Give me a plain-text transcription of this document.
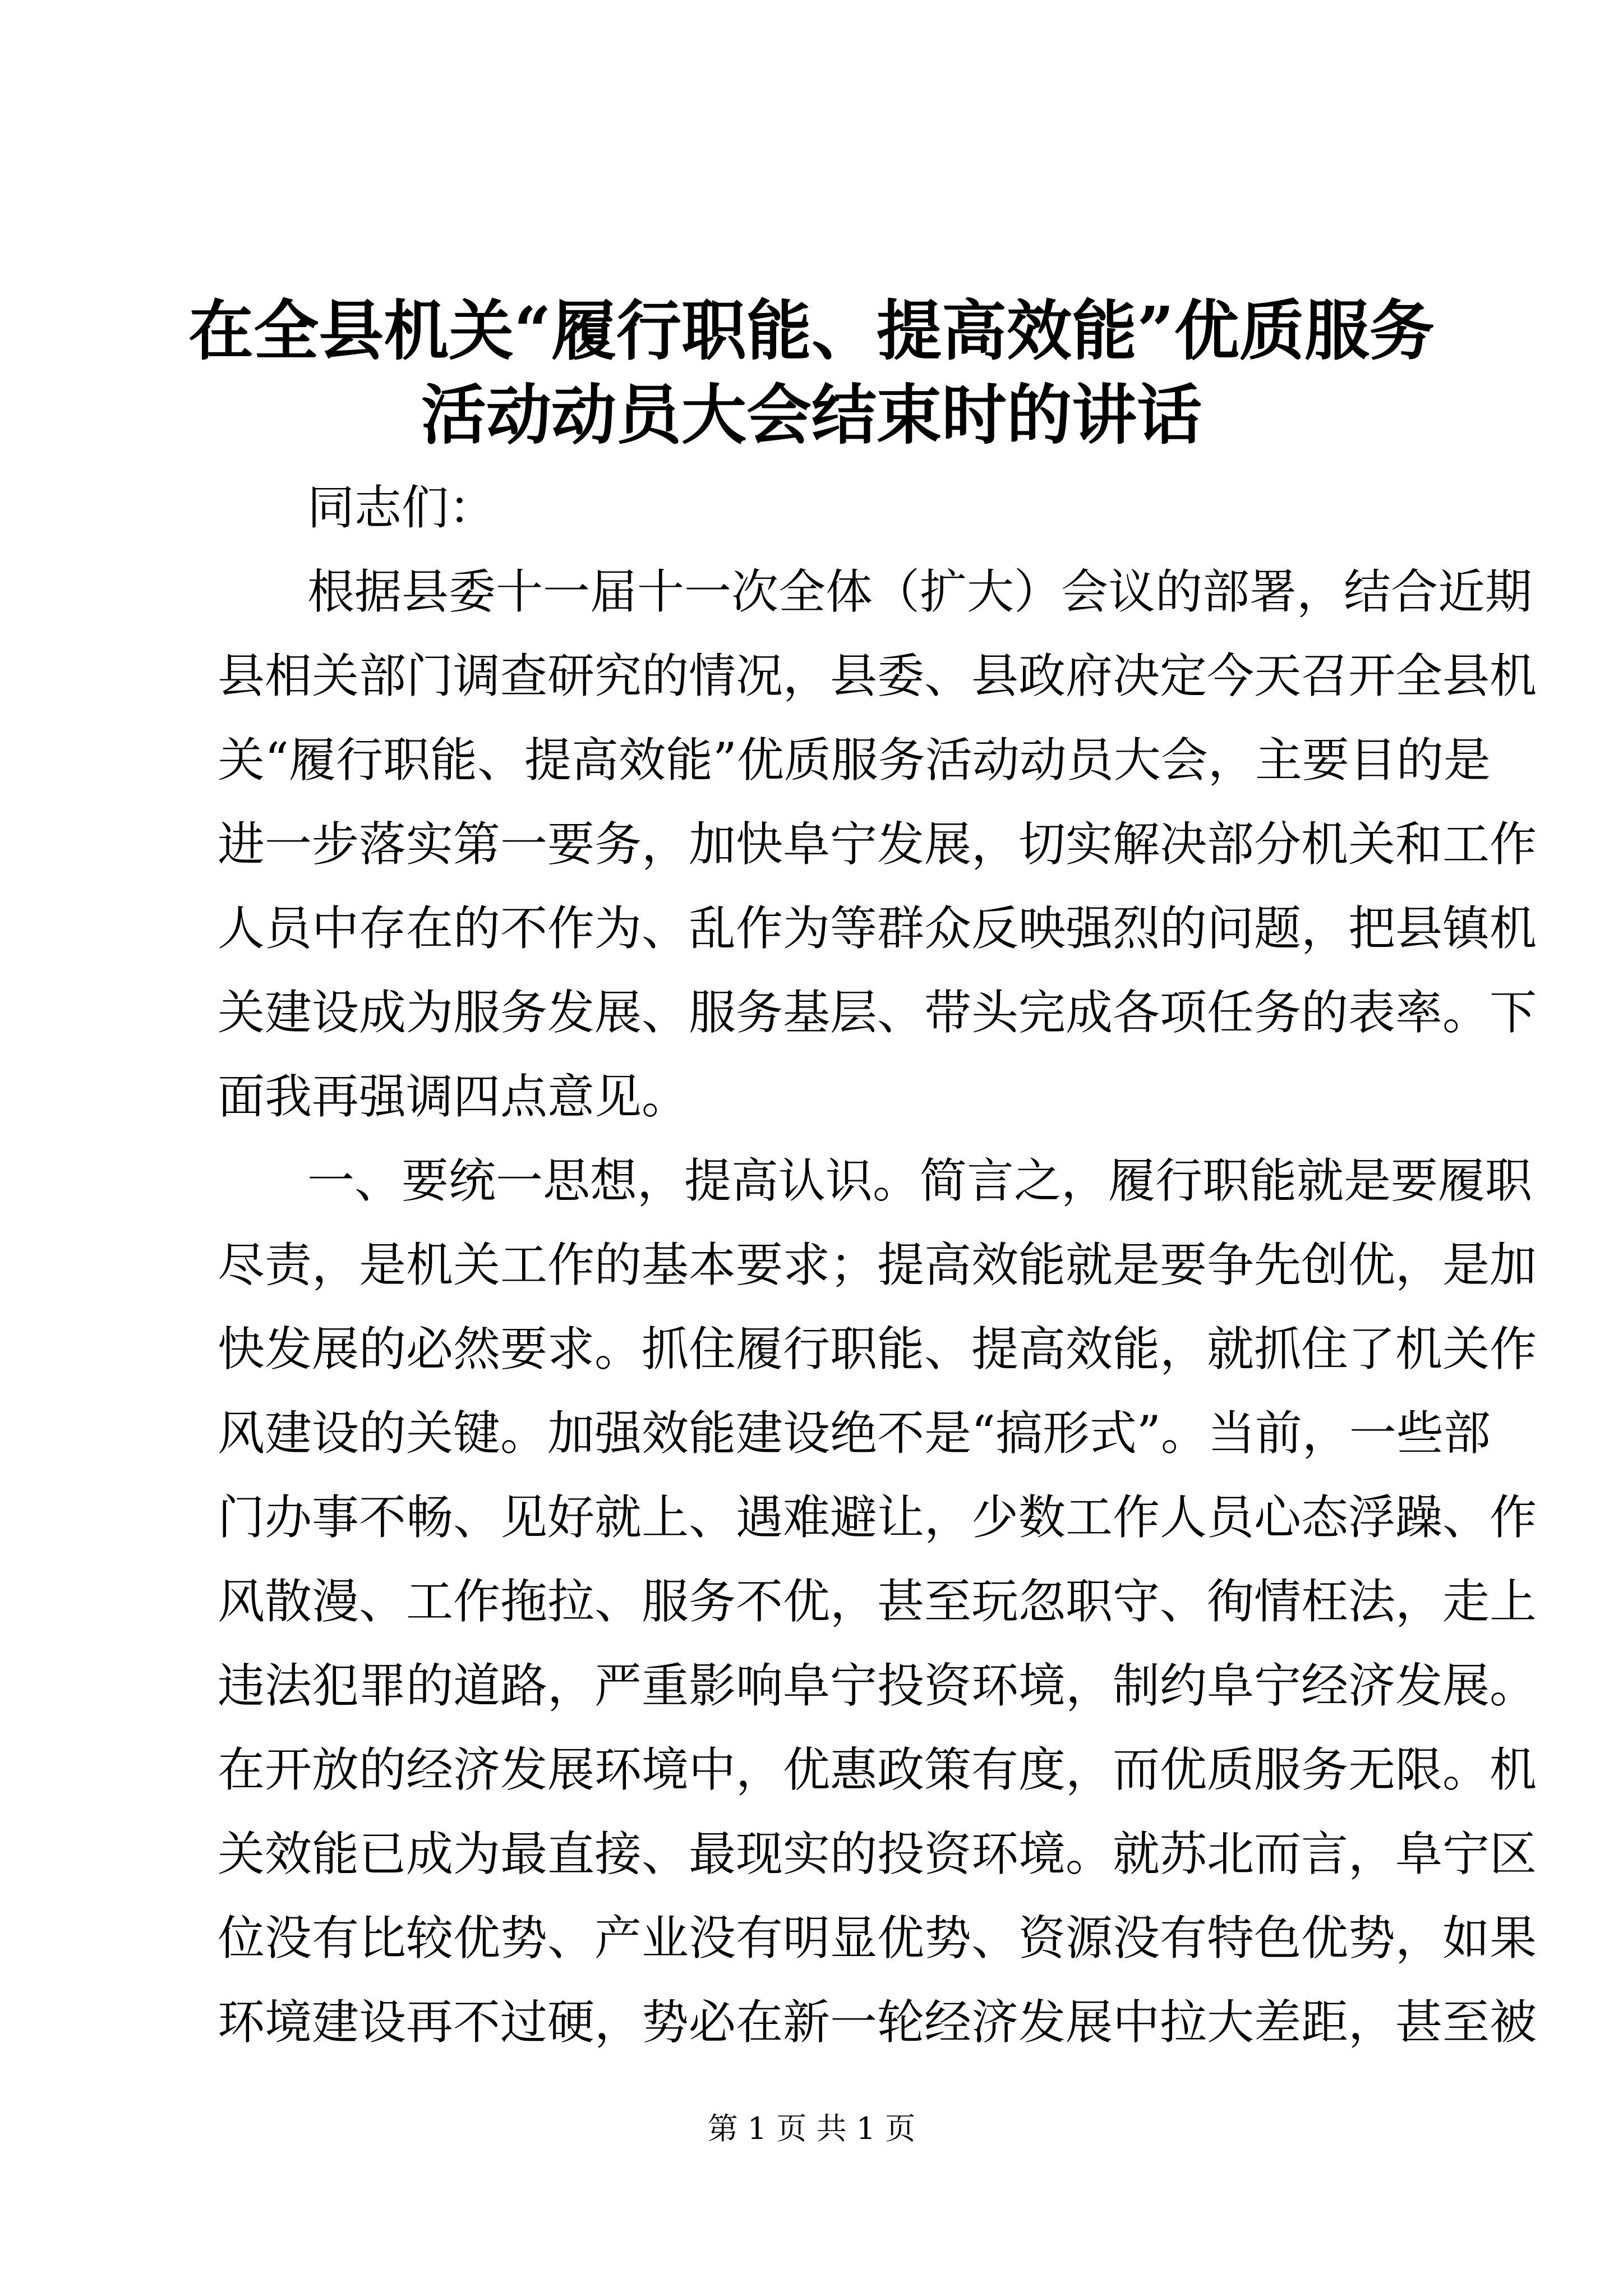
在全县机关“履行职能、提高效能”优质服务
活动动员大会结束时的讲话
同志们：
根据县委十一届十一次全体（扩大）会议的部署，结合近期
县相关部门调查研究的情况，县委、县政府决定今天召开全县机
关“履行职能、提高效能”优质服务活动动员大会，主要目的是
进一步落实第一要务，加快阜宁发展，切实解决部分机关和工作
人员中存在的不作为、乱作为等群众反映强烈的问题，把县镇机
关建设成为服务发展、服务基层、带头完成各项任务的表率。下
面我再强调四点意见。
一、要统一思想，提高认识。简言之，履行职能就是要履职
尽责，是机关工作的基本要求；提高效能就是要争先创优，是加
快发展的必然要求。抓住履行职能、提高效能，就抓住了机关作
风建设的关键。加强效能建设绝不是“搞形式”。当前，一些部
门办事不畅、见好就上、遇难避让，少数工作人员心态浮躁、作
风散漫、工作拖拉、服务不优，甚至玩忽职守、徇情枉法，走上
违法犯罪的道路，严重影响阜宁投资环境，制约阜宁经济发展。
在开放的经济发展环境中，优惠政策有度，而优质服务无限。机
关效能已成为最直接、最现实的投资环境。就苏北而言，阜宁区
位没有比较优势、产业没有明显优势、资源没有特色优势，如果
环境建设再不过硬，势必在新一轮经济发展中拉大差距，甚至被
第 1 页 共 1 页
